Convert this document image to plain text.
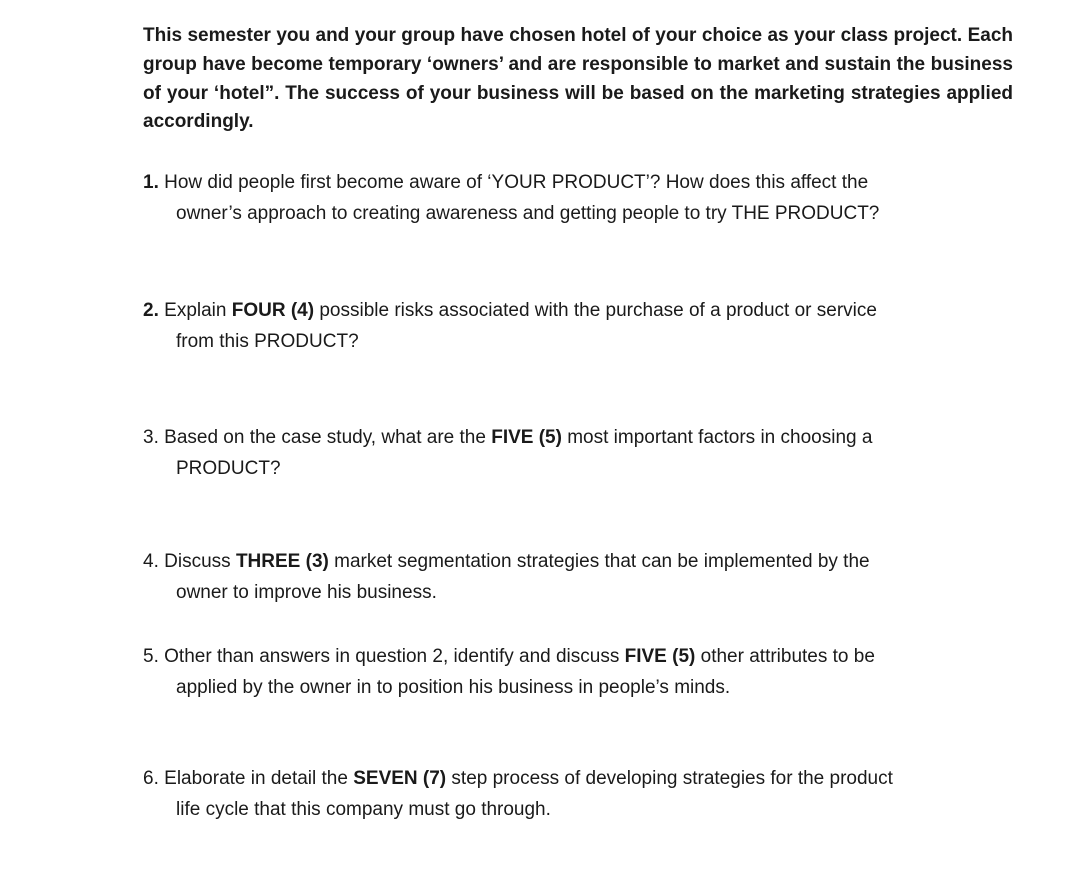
This semester you and your group have chosen hotel of your choice as your class project. Each group have become temporary ‘owners’ and are responsible to market and sustain the business of your ‘hotel”. The success of your business will be based on the marketing strategies applied accordingly.
1. How did people first become aware of ‘YOUR PRODUCT’? How does this affect the
owner’s approach to creating awareness and getting people to try THE PRODUCT?
2. Explain FOUR (4) possible risks associated with the purchase of a product or service
from this PRODUCT?
3. Based on the case study, what are the FIVE (5) most important factors in choosing a
PRODUCT?
4. Discuss THREE (3) market segmentation strategies that can be implemented by the
owner to improve his business.
5. Other than answers in question 2, identify and discuss FIVE (5) other attributes to be
applied by the owner in to position his business in people’s minds.
6. Elaborate in detail the SEVEN (7) step process of developing strategies for the product
life cycle that this company must go through.
